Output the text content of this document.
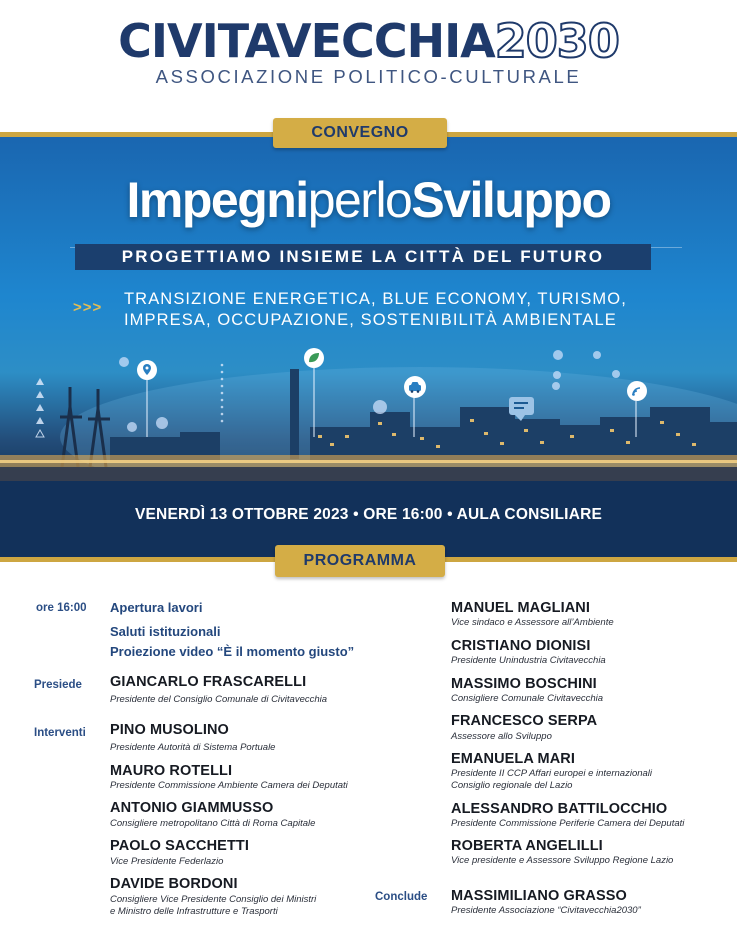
CIVITAVECCHIA 2030
ASSOCIAZIONE POLITICO-CULTURALE
CONVEGNO
ImpegniperloSviluppo
PROGETTIAMO INSIEME LA CITTÀ DEL FUTURO
>>> TRANSIZIONE ENERGETICA, BLUE ECONOMY, TURISMO,
IMPRESA, OCCUPAZIONE, SOSTENIBILITÀ AMBIENTALE
VENERDÌ 13 OTTOBRE 2023 • ORE 16:00 • AULA CONSILIARE
PROGRAMMA
ore 16:00
Presiede
Interventi
Conclude
Apertura lavori
Saluti istituzionali
Proiezione video “È il momento giusto”
GIANCARLO FRASCARELLI
Presidente del Consiglio Comunale di Civitavecchia
PINO MUSOLINO
Presidente Autorità di Sistema Portuale
MAURO ROTELLI
Presidente Commissione Ambiente Camera dei Deputati
ANTONIO GIAMMUSSO
Consigliere metropolitano Città di Roma Capitale
PAOLO SACCHETTI
Vice Presidente Federlazio
DAVIDE BORDONI
Consigliere Vice Presidente Consiglio dei Ministri
e Ministro delle Infrastrutture e Trasporti
MANUEL MAGLIANI
Vice sindaco e Assessore all’Ambiente
CRISTIANO DIONISI
Presidente Unindustria Civitavecchia
MASSIMO BOSCHINI
Consigliere Comunale Civitavecchia
FRANCESCO SERPA
Assessore allo Sviluppo
EMANUELA MARI
Presidente II CCP Affari europei e internazionali
Consiglio regionale del Lazio
ALESSANDRO BATTILOCCHIO
Presidente Commissione Periferie Camera dei Deputati
ROBERTA ANGELILLI
Vice presidente e Assessore Sviluppo Regione Lazio
MASSIMILIANO GRASSO
Presidente Associazione “Civitavecchia2030”
